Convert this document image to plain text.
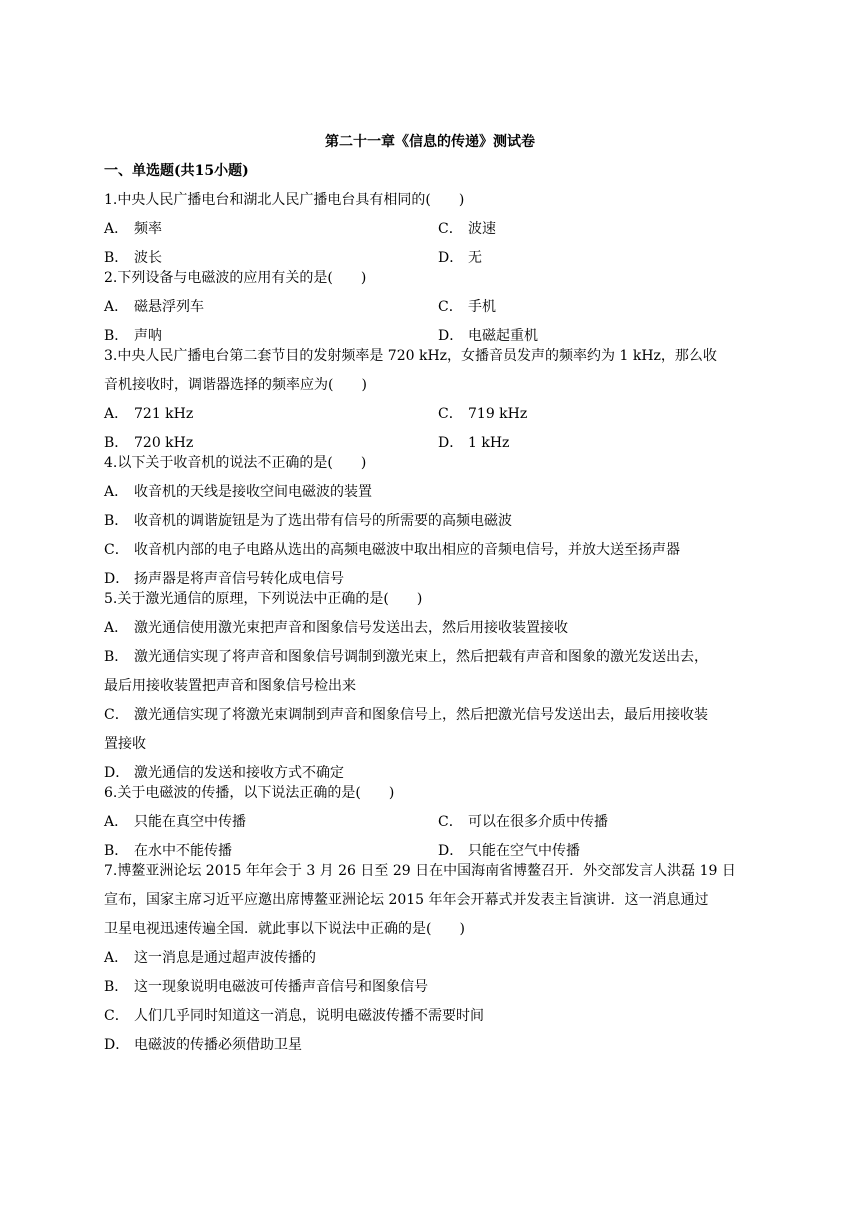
第二十一章《信息的传递》测试卷
一、单选题(共15小题)
1.中央人民广播电台和湖北人民广播电台具有相同的(　　)
A． 频率	C． 波速
B． 波长	D． 无
2.下列设备与电磁波的应用有关的是(　　)
A． 磁悬浮列车	C． 手机
B． 声呐	D． 电磁起重机
3.中央人民广播电台第二套节目的发射频率是 720 kHz，女播音员发声的频率约为 1 kHz，那么收
音机接收时，调谐器选择的频率应为(　　)
A． 721 kHz	C． 719 kHz
B． 720 kHz	D． 1 kHz
4.以下关于收音机的说法不正确的是(　　)
A． 收音机的天线是接收空间电磁波的装置
B． 收音机的调谐旋钮是为了选出带有信号的所需要的高频电磁波
C． 收音机内部的电子电路从选出的高频电磁波中取出相应的音频电信号，并放大送至扬声器
D． 扬声器是将声音信号转化成电信号
5.关于激光通信的原理，下列说法中正确的是(　　)
A． 激光通信使用激光束把声音和图象信号发送出去，然后用接收装置接收
B． 激光通信实现了将声音和图象信号调制到激光束上，然后把载有声音和图象的激光发送出去，
最后用接收装置把声音和图象信号检出来
C． 激光通信实现了将激光束调制到声音和图象信号上，然后把激光信号发送出去，最后用接收装
置接收
D． 激光通信的发送和接收方式不确定
6.关于电磁波的传播，以下说法正确的是(　　)
A． 只能在真空中传播	C． 可以在很多介质中传播
B． 在水中不能传播	D． 只能在空气中传播
7.博鳌亚洲论坛 2015 年年会于 3 月 26 日至 29 日在中国海南省博鳌召开．外交部发言人洪磊 19 日
宣布，国家主席习近平应邀出席博鳌亚洲论坛 2015 年年会开幕式并发表主旨演讲．这一消息通过
卫星电视迅速传遍全国．就此事以下说法中正确的是(　　)
A． 这一消息是通过超声波传播的
B． 这一现象说明电磁波可传播声音信号和图象信号
C． 人们几乎同时知道这一消息，说明电磁波传播不需要时间
D． 电磁波的传播必须借助卫星
